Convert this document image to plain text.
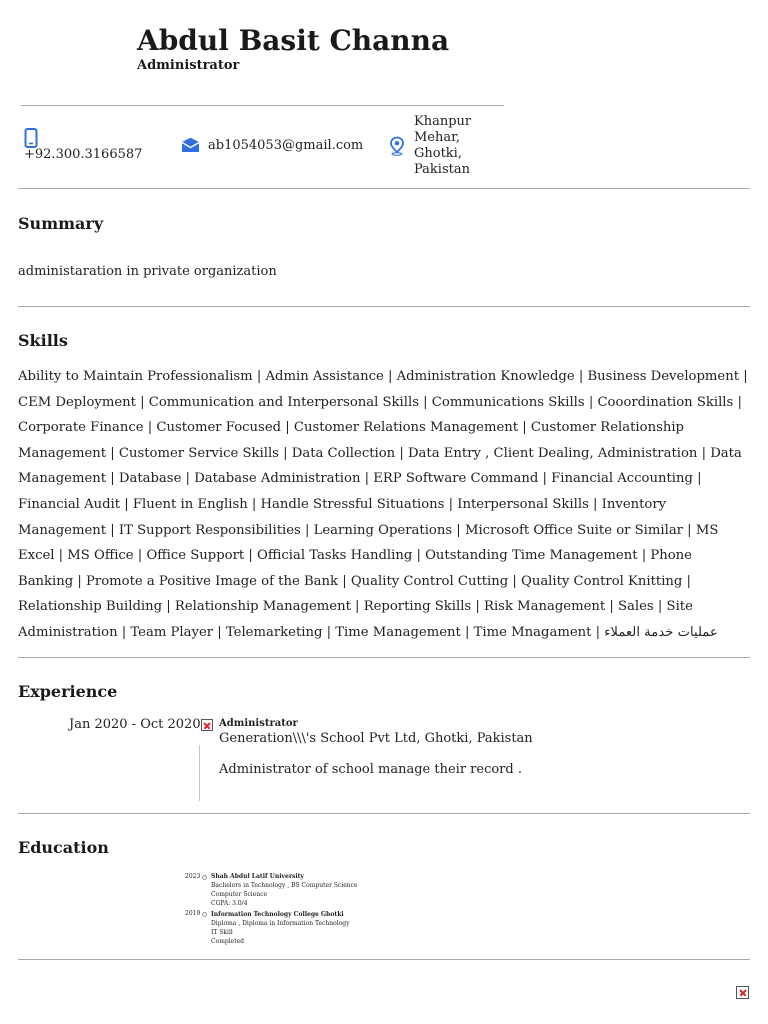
Abdul Basit Channa
Administrator
+92.300.3166587
ab1054053@gmail.com
Khanpur
Mehar,
Ghotki,
Pakistan
Summary
administaration in private organization
Skills
Ability to Maintain Professionalism | Admin Assistance | Administration Knowledge | Business Development | CEM Deployment | Communication and Interpersonal Skills | Communications Skills | Cooordination Skills | Corporate Finance | Customer Focused | Customer Relations Management | Customer Relationship Management | Customer Service Skills | Data Collection | Data Entry , Client Dealing, Administration | Data Management | Database | Database Administration | ERP Software Command | Financial Accounting | Financial Audit | Fluent in English | Handle Stressful Situations | Interpersonal Skills | Inventory Management | IT Support Responsibilities | Learning Operations | Microsoft Office Suite or Similar | MS Excel | MS Office | Office Support | Official Tasks Handling | Outstanding Time Management | Phone Banking | Promote a Positive Image of the Bank | Quality Control Cutting | Quality Control Knitting | Relationship Building | Relationship Management | Reporting Skills | Risk Management | Sales | Site Administration | Team Player | Telemarketing | Time Management | Time Mnagament | عمليات خدمة العملاء
Experience
Jan 2020 - Oct 2020 Administrator
Generation\\\'s School Pvt Ltd, Ghotki, Pakistan
Administrator of school manage their record .
Education
2023 Shah Abdul Latif University
Bachelors in Technology , BS Computer Science
Computer Science
CGPA: 3.0/4
2019 Information Technology College Ghotki
Diploma , Diploma in Information Technology
IT Skill
Completed
